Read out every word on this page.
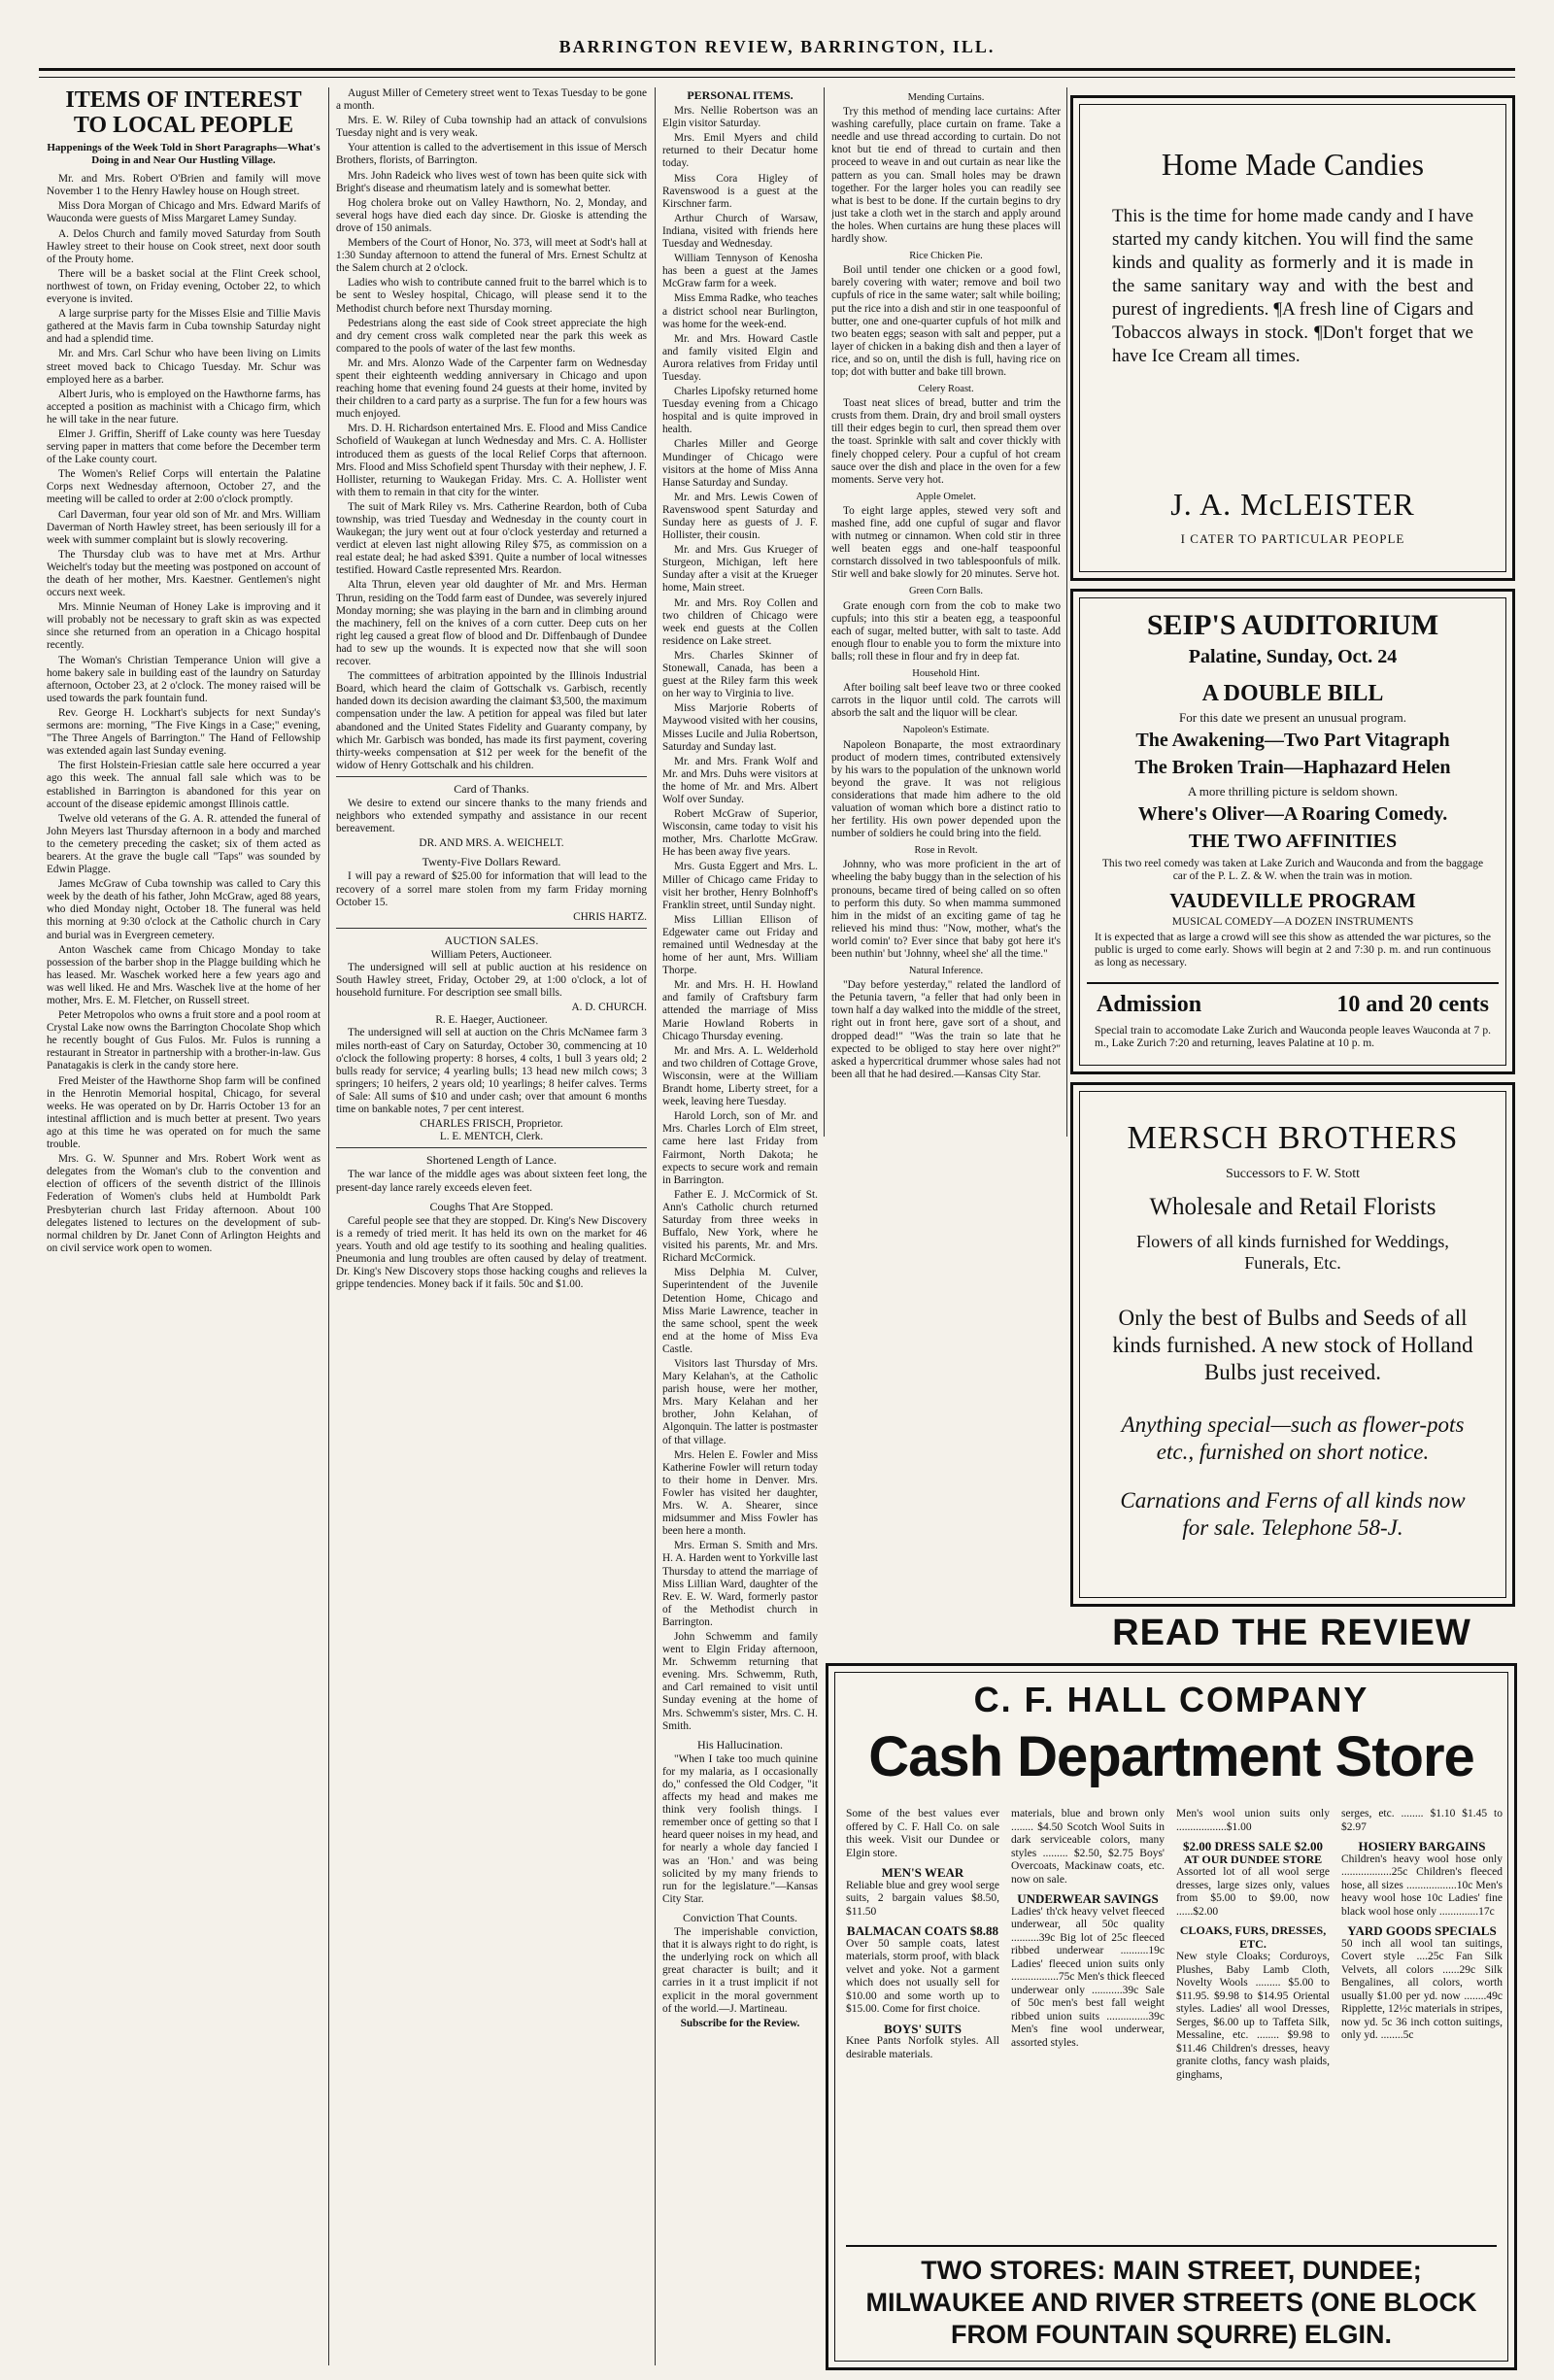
BARRINGTON REVIEW, BARRINGTON, ILL.
ITEMS OF INTEREST
TO LOCAL PEOPLE
Happenings of the Week Told in Short Paragraphs—What's Doing in and Near Our Hustling Village.

Mr. and Mrs. Robert O'Brien and family will move November 1 to the Henry Hawley house on Hough street.

Miss Dora Morgan of Chicago and Mrs. Edward Marifs of Wauconda were guests of Miss Margaret Lamey Sunday.

A. Delos Church and family moved Saturday from South Hawley street to their house on Cook street, next door south of the Prouty home.

There will be a basket social at the Flint Creek school, northwest of town, on Friday evening, October 22, to which everyone is invited.

A large surprise party for the Misses Elsie and Tillie Mavis gathered at the Mavis farm in Cuba township Saturday night and had a splendid time.

Mr. and Mrs. Carl Schur who have been living on Limits street moved back to Chicago Tuesday. Mr. Schur was employed here as a barber.

Albert Juris, who is employed on the Hawthorne farms, has accepted a position as machinist with a Chicago firm, which he will take in the near future.

Elmer J. Griffin, Sheriff of Lake county was here Tuesday serving paper in matters that come before the December term of the Lake county court.

The Women's Relief Corps will entertain the Palatine Corps next Wednesday afternoon, October 27, and the meeting will be called to order at 2:00 o'clock promptly.

Carl Daverman, four year old son of Mr. and Mrs. William Daverman of North Hawley street, has been seriously ill for a week with summer complaint but is slowly recovering.

The Thursday club was to have met at Mrs. Arthur Weichelt's today but the meeting was postponed on account of the death of her mother, Mrs. Kaestner. Gentlemen's night occurs next week.

Mrs. Minnie Neuman of Honey Lake is improving and it will probably not be necessary to graft skin as was expected since she returned from an operation in a Chicago hospital recently.

The Woman's Christian Temperance Union will give a home bakery sale in building east of the laundry on Saturday afternoon, October 23, at 2 o'clock. The money raised will be used towards the park fountain fund.

Rev. George H. Lockhart's subjects for next Sunday's sermons are: morning, "The Five Kings in a Case;" evening, "The Three Angels of Barrington." The Hand of Fellowship was extended again last Sunday evening.

The first Holstein-Friesian cattle sale here occurred a year ago this week. The annual fall sale which was to be established in Barrington is abandoned for this year on account of the disease epidemic amongst Illinois cattle.

Twelve old veterans of the G. A. R. attended the funeral of John Meyers last Thursday afternoon in a body and marched to the cemetery preceding the casket; six of them acted as bearers. At the grave the bugle call "Taps" was sounded by Edwin Plagge.

James McGraw of Cuba township was called to Cary this week by the death of his father, John McGraw, aged 88 years, who died Monday night, October 18. The funeral was held this morning at 9:30 o'clock at the Catholic church in Cary and burial was in Evergreen cemetery.

Anton Waschek came from Chicago Monday to take possession of the barber shop in the Plagge building which he has leased. Mr. Waschek worked here a few years ago and was well liked. He and Mrs. Waschek live at the home of her mother, Mrs. E. M. Fletcher, on Russell street.

Peter Metropolos who owns a fruit store and a pool room at Crystal Lake now owns the Barrington Chocolate Shop which he recently bought of Gus Fulos. Mr. Fulos is running a restaurant in Streator in partnership with a brother-in-law. Gus Panatagakis is clerk in the candy store here.

Fred Meister of the Hawthorne Shop farm will be confined in the Henrotin Memorial hospital, Chicago, for several weeks. He was operated on by Dr. Harris October 13 for an intestinal affliction and is much better at present. Two years ago at this time he was operated on for much the same trouble.

Mrs. G. W. Spunner and Mrs. Robert Work went as delegates from the Woman's club to the convention and election of officers of the seventh district of the Illinois Federation of Women's clubs held at Humboldt Park Presbyterian church last Friday afternoon. About 100 delegates listened to lectures on the development of sub-normal children by Dr. Janet Conn of Arlington Heights and on civil service work open to women.

August Miller of Cemetery street went to Texas Tuesday to be gone a month.

Mrs. E. W. Riley of Cuba township had an attack of convulsions Tuesday night and is very weak.

Your attention is called to the advertisement in this issue of Mersch Brothers, florists, of Barrington.

Mrs. John Radeick who lives west of town has been quite sick with Bright's disease and rheumatism lately and is somewhat better.

Hog cholera broke out on Valley Hawthorn, No. 2, Monday, and several hogs have died each day since. Dr. Gioske is attending the drove of 150 animals.

Members of the Court of Honor, No. 373, will meet at Sodt's hall at 1:30 Sunday afternoon to attend the funeral of Mrs. Ernest Schultz at the Salem church at 2 o'clock.

Ladies who wish to contribute canned fruit to the barrel which is to be sent to Wesley hospital, Chicago, will please send it to the Methodist church before next Thursday morning.

Pedestrians along the east side of Cook street appreciate the high and dry cement cross walk completed near the park this week as compared to the pools of water of the last few months.

Mr. and Mrs. Alonzo Wade of the Carpenter farm on Wednesday spent their eighteenth wedding anniversary in Chicago and upon reaching home that evening found 24 guests at their home, invited by their children to a card party as a surprise. The fun for a few hours was much enjoyed.

Mrs. D. H. Richardson entertained Mrs. E. Flood and Miss Candice Schofield of Waukegan at lunch Wednesday and Mrs. C. A. Hollister introduced them as guests of the local Relief Corps that afternoon. Mrs. Flood and Miss Schofield spent Thursday with their nephew, J. F. Hollister, returning to Waukegan Friday. Mrs. C. A. Hollister went with them to remain in that city for the winter.

The suit of Mark Riley vs. Mrs. Catherine Reardon, both of Cuba township, was tried Tuesday and Wednesday in the county court in Waukegan; the jury went out at four o'clock yesterday and returned a verdict at eleven last night allowing Riley $75, as commission on a real estate deal; he had asked $391. Quite a number of local witnesses testified. Howard Castle represented Mrs. Reardon.

Alta Thrun, eleven year old daughter of Mr. and Mrs. Herman Thrun, residing on the Todd farm east of Dundee, was severely injured Monday morning; she was playing in the barn and in climbing around the machinery, fell on the knives of a corn cutter. Deep cuts on her right leg caused a great flow of blood and Dr. Diffenbaugh of Dundee had to sew up the wounds. It is expected now that she will soon recover.

The committees of arbitration appointed by the Illinois Industrial Board, which heard the claim of Gottschalk vs. Garbisch, recently handed down its decision awarding the claimant $3,500, the maximum compensation under the law. A petition for appeal was filed but later abandoned and the United States Fidelity and Guaranty company, by which Mr. Garbisch was bonded, has made its first payment, covering thirty-weeks compensation at $12 per week for the benefit of the widow of Henry Gottschalk and his children.

Card of Thanks.

We desire to extend our sincere thanks to the many friends and neighbors who extended sympathy and assistance in our recent bereavement.

DR. AND MRS. A. WEICHELT.
Twenty-Five Dollars Reward.

I will pay a reward of $25.00 for information that will lead to the recovery of a sorrel mare stolen from my farm Friday morning October 15.

CHRIS HARTZ.
AUCTION SALES.
William Peters, Auctioneer.

The undersigned will sell at public auction at his residence on South Hawley street, Friday, October 29, at 1:00 o'clock, a lot of household furniture. For description see small bills.

A. D. CHURCH.
R. E. Haeger, Auctioneer.

The undersigned will sell at auction on the Chris McNamee farm 3 miles north-east of Cary on Saturday, October 30, commencing at 10 o'clock the following property: 8 horses, 4 colts, 1 bull 3 years old; 2 bulls ready for service; 4 yearling bulls; 13 head new milch cows; 3 springers; 10 heifers, 2 years old; 10 yearlings; 8 heifer calves. Terms of Sale: All sums of $10 and under cash; over that amount 6 months time on bankable notes, 7 per cent interest.

CHARLES FRISCH, Proprietor.
L. E. MENTCH, Clerk.
Shortened Length of Lance.

The war lance of the middle ages was about sixteen feet long, the present-day lance rarely exceeds eleven feet.

Coughs That Are Stopped.

Careful people see that they are stopped. Dr. King's New Discovery is a remedy of tried merit. It has held its own on the market for 46 years. Youth and old age testify to its soothing and healing qualities. Pneumonia and lung troubles are often caused by delay of treatment. Dr. King's New Discovery stops those hacking coughs and relieves la grippe tendencies. Money back if it fails. 50c and $1.00.

PERSONAL ITEMS.

Mrs. Nellie Robertson was an Elgin visitor Saturday.

Mrs. Emil Myers and child returned to their Decatur home today.

Miss Cora Higley of Ravenswood is a guest at the Kirschner farm.

Arthur Church of Warsaw, Indiana, visited with friends here Tuesday and Wednesday.

William Tennyson of Kenosha has been a guest at the James McGraw farm for a week.

Miss Emma Radke, who teaches a district school near Burlington, was home for the week-end.

Mr. and Mrs. Howard Castle and family visited Elgin and Aurora relatives from Friday until Tuesday.

Charles Lipofsky returned home Tuesday evening from a Chicago hospital and is quite improved in health.

Charles Miller and George Mundinger of Chicago were visitors at the home of Miss Anna Hanse Saturday and Sunday.

Mr. and Mrs. Lewis Cowen of Ravenswood spent Saturday and Sunday here as guests of J. F. Hollister, their cousin.

Mr. and Mrs. Gus Krueger of Sturgeon, Michigan, left here Sunday after a visit at the Krueger home, Main street.

Mr. and Mrs. Roy Collen and two children of Chicago were week end guests at the Collen residence on Lake street.

Mrs. Charles Skinner of Stonewall, Canada, has been a guest at the Riley farm this week on her way to Virginia to live.

Miss Marjorie Roberts of Maywood visited with her cousins, Misses Lucile and Julia Robertson, Saturday and Sunday last.

Mr. and Mrs. Frank Wolf and Mr. and Mrs. Duhs were visitors at the home of Mr. and Mrs. Albert Wolf over Sunday.

Robert McGraw of Superior, Wisconsin, came today to visit his mother, Mrs. Charlotte McGraw. He has been away five years.

Mrs. Gusta Eggert and Mrs. L. Miller of Chicago came Friday to visit her brother, Henry Bolnhoff's Franklin street, until Sunday night.

Miss Lillian Ellison of Edgewater came out Friday and remained until Wednesday at the home of her aunt, Mrs. William Thorpe.

Mr. and Mrs. H. H. Howland and family of Craftsbury farm attended the marriage of Miss Marie Howland Roberts in Chicago Thursday evening.

Mr. and Mrs. A. L. Welderhold and two children of Cottage Grove, Wisconsin, were at the William Brandt home, Liberty street, for a week, leaving here Tuesday.

Harold Lorch, son of Mr. and Mrs. Charles Lorch of Elm street, came here last Friday from Fairmont, North Dakota; he expects to secure work and remain in Barrington.

Father E. J. McCormick of St. Ann's Catholic church returned Saturday from three weeks in Buffalo, New York, where he visited his parents, Mr. and Mrs. Richard McCormick.

Miss Delphia M. Culver, Superintendent of the Juvenile Detention Home, Chicago and Miss Marie Lawrence, teacher in the same school, spent the week end at the home of Miss Eva Castle.

Visitors last Thursday of Mrs. Mary Kelahan's, at the Catholic parish house, were her mother, Mrs. Mary Kelahan and her brother, John Kelahan, of Algonquin. The latter is postmaster of that village.

Mrs. Helen E. Fowler and Miss Katherine Fowler will return today to their home in Denver. Mrs. Fowler has visited her daughter, Mrs. W. A. Shearer, since midsummer and Miss Fowler has been here a month.

Mrs. Erman S. Smith and Mrs. H. A. Harden went to Yorkville last Thursday to attend the marriage of Miss Lillian Ward, daughter of the Rev. E. W. Ward, formerly pastor of the Methodist church in Barrington.

John Schwemm and family went to Elgin Friday afternoon, Mr. Schwemm returning that evening. Mrs. Schwemm, Ruth, and Carl remained to visit until Sunday evening at the home of Mrs. Schwemm's sister, Mrs. C. H. Smith.

His Hallucination.

"When I take too much quinine for my malaria, as I occasionally do," confessed the Old Codger, "it affects my head and makes me think very foolish things. I remember once of getting so that I heard queer noises in my head, and for nearly a whole day fancied I was an 'Hon.' and was being solicited by my many friends to run for the legislature."—Kansas City Star.

Conviction That Counts.

The imperishable conviction, that it is always right to do right, is the underlying rock on which all great character is built; and it carries in it a trust implicit if not explicit in the moral government of the world.—J. Martineau.

Subscribe for the Review.
Mending Curtains.

Try this method of mending lace curtains: After washing carefully, place curtain on frame. Take a needle and use thread according to curtain. Do not knot but tie end of thread to curtain and then proceed to weave in and out curtain as near like the pattern as you can. Small holes may be drawn together. For the larger holes you can readily see what is best to be done. If the curtain begins to dry just take a cloth wet in the starch and apply around the holes. When curtains are hung these places will hardly show.

Rice Chicken Pie.

Boil until tender one chicken or a good fowl, barely covering with water; remove and boil two cupfuls of rice in the same water; salt while boiling; put the rice into a dish and stir in one teaspoonful of butter, one and one-quarter cupfuls of hot milk and two beaten eggs; season with salt and pepper, put a layer of chicken in a baking dish and then a layer of rice, and so on, until the dish is full, having rice on top; dot with butter and bake till brown.

Celery Roast.

Toast neat slices of bread, butter and trim the crusts from them. Drain, dry and broil small oysters till their edges begin to curl, then spread them over the toast. Sprinkle with salt and cover thickly with finely chopped celery. Pour a cupful of hot cream sauce over the dish and place in the oven for a few moments. Serve very hot.

Apple Omelet.

To eight large apples, stewed very soft and mashed fine, add one cupful of sugar and flavor with nutmeg or cinnamon. When cold stir in three well beaten eggs and one-half teaspoonful cornstarch dissolved in two tablespoonfuls of milk. Stir well and bake slowly for 20 minutes. Serve hot.

Green Corn Balls.

Grate enough corn from the cob to make two cupfuls; into this stir a beaten egg, a teaspoonful each of sugar, melted butter, with salt to taste. Add enough flour to enable you to form the mixture into balls; roll these in flour and fry in deep fat.

Household Hint.

After boiling salt beef leave two or three cooked carrots in the liquor until cold. The carrots will absorb the salt and the liquor will be clear.

Napoleon's Estimate.

Napoleon Bonaparte, the most extraordinary product of modern times, contributed extensively by his wars to the population of the unknown world beyond the grave. It was not religious considerations that made him adhere to the old valuation of woman which bore a distinct ratio to her fertility. His own power depended upon the number of soldiers he could bring into the field.

Rose in Revolt.

Johnny, who was more proficient in the art of wheeling the baby buggy than in the selection of his pronouns, became tired of being called on so often to perform this duty. So when mamma summoned him in the midst of an exciting game of tag he relieved his mind thus: "Now, mother, what's the world comin' to? Ever since that baby got here it's been nuthin' but 'Johnny, wheel she' all the time."

Natural Inference.

"Day before yesterday," related the landlord of the Petunia tavern, "a feller that had only been in town half a day walked into the middle of the street, right out in front here, gave sort of a shout, and dropped dead!" "Was the train so late that he expected to be obliged to stay here over night?" asked a hypercritical drummer whose sales had not been all that he had desired.—Kansas City Star.

Home Made Candies
This is the time for home made candy and I have started my candy kitchen. You will find the same kinds and quality as formerly and it is made in the same sanitary way and with the best and purest of ingredients. ¶A fresh line of Cigars and Tobaccos always in stock. ¶Don't forget that we have Ice Cream all times.
J. A. McLEISTER
I CATER TO PARTICULAR PEOPLE
SEIP'S AUDITORIUM
Palatine, Sunday, Oct. 24
A DOUBLE BILL
For this date we present an unusual program.
The Awakening—Two Part Vitagraph
The Broken Train—Haphazard Helen
A more thrilling picture is seldom shown.
Where's Oliver—A Roaring Comedy.
THE TWO AFFINITIES
This two reel comedy was taken at Lake Zurich and Wauconda and from the baggage car of the P. L. Z. & W. when the train was in motion.
VAUDEVILLE PROGRAM
MUSICAL COMEDY—A DOZEN INSTRUMENTS
It is expected that as large a crowd will see this show as attended the war pictures, so the public is urged to come early. Shows will begin at 2 and 7:30 p. m. and run continuous as long as necessary.
Admission	10 and 20 cents
Special train to accomodate Lake Zurich and Wauconda people leaves Wauconda at 7 p. m., Lake Zurich 7:20 and returning, leaves Palatine at 10 p. m.
MERSCH BROTHERS
Successors to F. W. Stott
Wholesale and Retail Florists
Flowers of all kinds furnished for Weddings, Funerals, Etc.
Only the best of Bulbs and Seeds of all kinds furnished. A new stock of Holland Bulbs just received.
Anything special—such as flower-pots etc., furnished on short notice.
Carnations and Ferns of all kinds now for sale. Telephone 58-J.
READ THE REVIEW
C. F. HALL COMPANY
Cash Department Store
Some of the best values ever offered by C. F. Hall Co. on sale this week. Visit our Dundee or Elgin store.
MEN'S WEAR
Reliable blue and grey wool serge suits, 2 bargain values $8.50, $11.50
BALMACAN COATS $8.88
Over 50 sample coats, latest materials, storm proof, with black velvet and yoke. Not a garment which does not usually sell for $10.00 and some worth up to $15.00. Come for first choice.
BOYS' SUITS
Knee Pants Norfolk styles. All desirable materials.
materials, blue and brown only ........ $4.50 Scotch Wool Suits in dark serviceable colors, many styles ......... $2.50, $2.75 Boys' Overcoats, Mackinaw coats, etc. now on sale.
UNDERWEAR SAVINGS
Ladies' th'ck heavy velvet fleeced underwear, all 50c quality ..........39c Big lot of 25c fleeced ribbed underwear ..........19c Ladies' fleeced union suits only .................75c Men's thick fleeced underwear only ...........39c Sale of 50c men's best fall weight ribbed union suits ...............39c Men's fine wool underwear, assorted styles.
Men's wool union suits only ..................$1.00
$2.00 DRESS SALE $2.00
AT OUR DUNDEE STORE
Assorted lot of all wool serge dresses, large sizes only, values from $5.00 to $9.00, now ......$2.00
CLOAKS, FURS, DRESSES, ETC.
New style Cloaks; Corduroys, Plushes, Baby Lamb Cloth, Novelty Wools ......... $5.00 to $11.95. $9.98 to $14.95 Oriental styles. Ladies' all wool Dresses, Serges, $6.00 up to Taffeta Silk, Messaline, etc. ........ $9.98 to $11.46 Children's dresses, heavy granite cloths, fancy wash plaids, ginghams,
serges, etc. ........ $1.10 $1.45 to $2.97
HOSIERY BARGAINS
Children's heavy wool hose only ..................25c Children's fleeced hose, all sizes ..................10c Men's heavy wool hose 10c Ladies' fine black wool hose only ..............17c
YARD GOODS SPECIALS
50 inch all wool tan suitings, Covert style ....25c Fan Silk Velvets, all colors ......29c Silk Bengalines, all colors, worth usually $1.00 per yd. now ........49c Ripplette, 12½c materials in stripes, now yd. 5c 36 inch cotton suitings, only yd. ........5c
TWO STORES: MAIN STREET, DUNDEE; MILWAUKEE AND RIVER STREETS (ONE BLOCK FROM FOUNTAIN SQURRE) ELGIN.
